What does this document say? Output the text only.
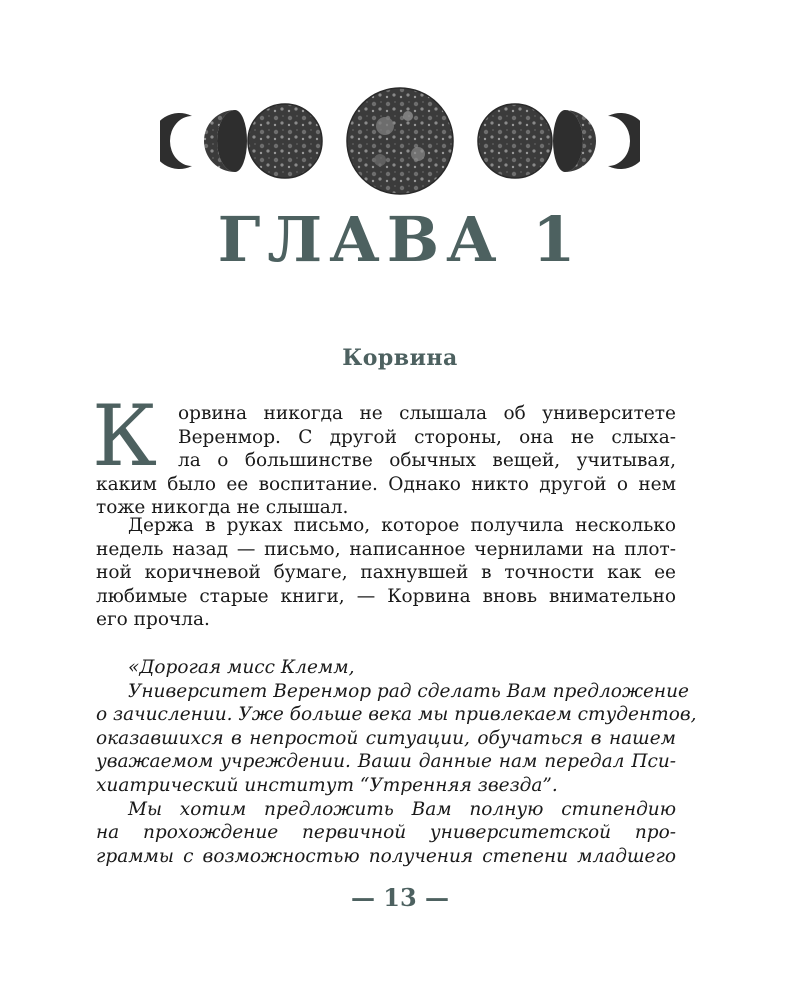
ГЛАВА 1
Корвина
К орвина никогда не слышала об университете
Веренмор. С другой стороны, она не слыха-
ла о большинстве обычных вещей, учитывая,
каким было ее воспитание. Однако никто другой о нем
тоже никогда не слышал.
Держа в руках письмо, которое получила несколько
недель назад — письмо, написанное чернилами на плот-
ной коричневой бумаге, пахнувшей в точности как ее
любимые старые книги, — Корвина вновь внимательно
его прочла.
«Дорогая мисс Клемм,
Университет Веренмор рад сделать Вам предложение
о зачислении. Уже больше века мы привлекаем студентов,
оказавшихся в непростой ситуации, обучаться в нашем
уважаемом учреждении. Ваши данные нам передал Пси-
хиатрический институт “Утренняя звезда”.
Мы хотим предложить Вам полную стипендию
на прохождение первичной университетской про-
граммы с возможностью получения степени младшего
— 13 —
